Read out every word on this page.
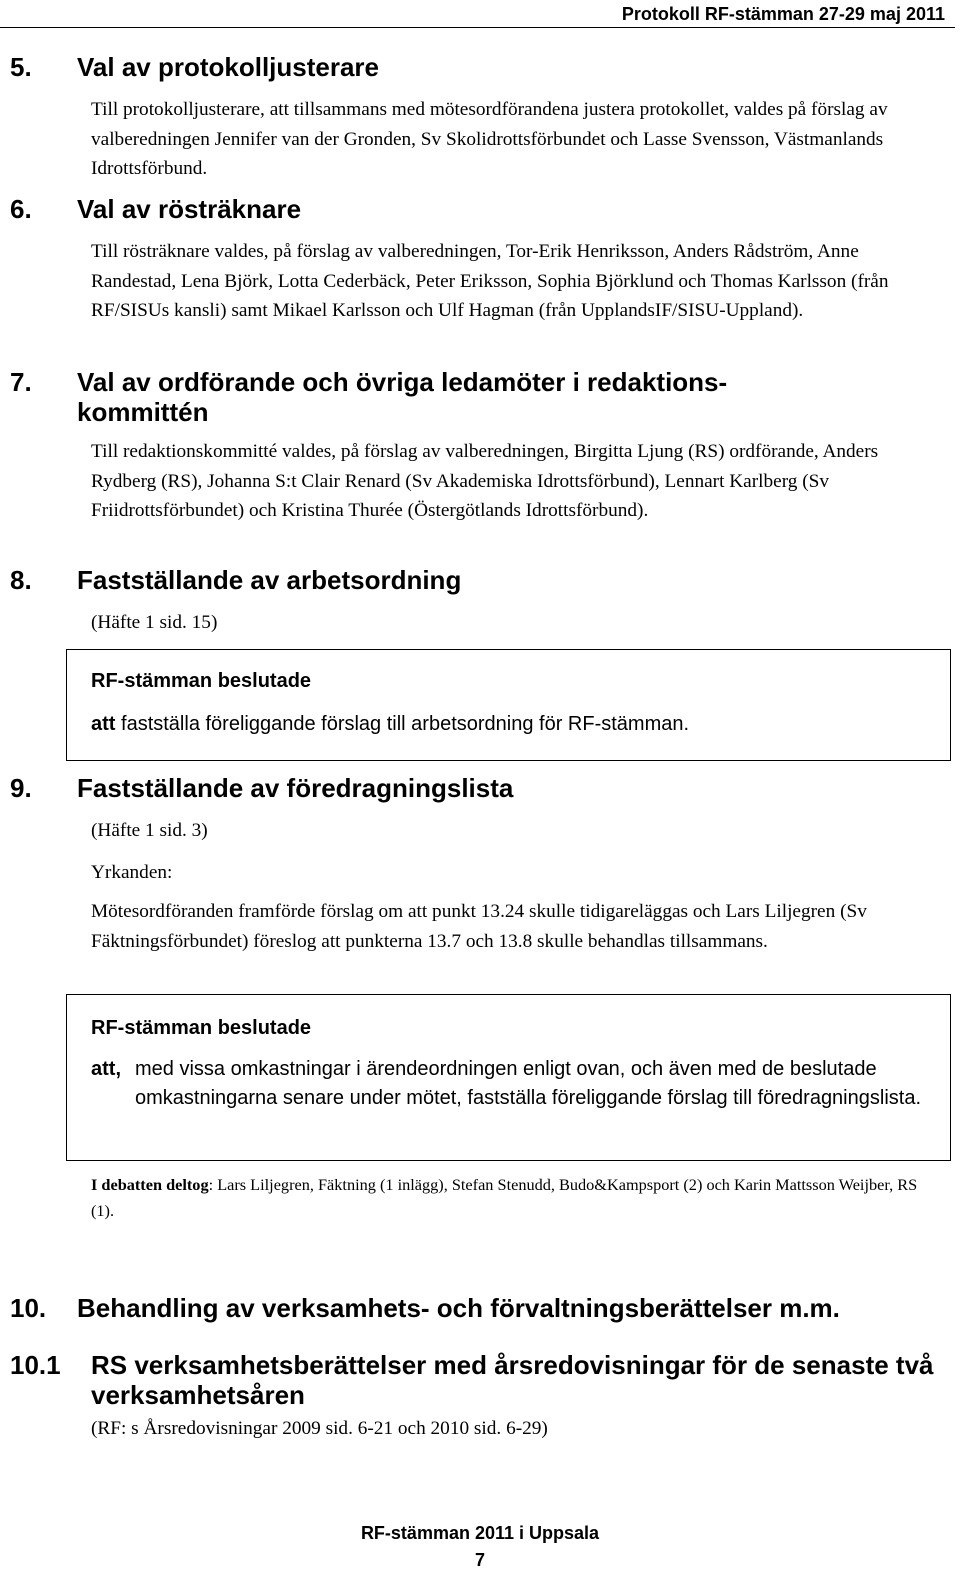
Protokoll RF-stämman 27-29 maj 2011
5. Val av protokolljusterare
Till protokolljusterare, att tillsammans med mötesordförandena justera protokollet, valdes på förslag av valberedningen Jennifer van der Gronden, Sv Skolidrottsförbundet och Lasse Svensson, Västmanlands Idrottsförbund.
6. Val av rösträknare
Till rösträknare valdes, på förslag av valberedningen, Tor-Erik Henriksson, Anders Rådström, Anne Randestad, Lena Björk, Lotta Cederbäck, Peter Eriksson, Sophia Björklund och Thomas Karlsson (från RF/SISUs kansli) samt Mikael Karlsson och Ulf Hagman (från UpplandsIF/SISU-Uppland).
7. Val av ordförande och övriga ledamöter i redaktions-
kommittén
Till redaktionskommitté valdes, på förslag av valberedningen, Birgitta Ljung (RS) ordförande, Anders Rydberg (RS), Johanna S:t Clair Renard (Sv Akademiska Idrottsförbund), Lennart Karlberg (Sv Friidrottsförbundet) och Kristina Thurée (Östergötlands Idrottsförbund).
8. Fastställande av arbetsordning
(Häfte 1 sid. 15)
RF-stämman beslutade
att fastställa föreliggande förslag till arbetsordning för RF-stämman.
9. Fastställande av föredragningslista
(Häfte 1 sid. 3)
Yrkanden:
Mötesordföranden framförde förslag om att punkt 13.24 skulle tidigareläggas och Lars Liljegren (Sv Fäktningsförbundet) föreslog att punkterna 13.7 och 13.8 skulle behandlas tillsammans.
RF-stämman beslutade
att, med vissa omkastningar i ärendeordningen enligt ovan, och även med de beslutade omkastningarna senare under mötet, fastställa föreliggande förslag till föredragningslista.
I debatten deltog: Lars Liljegren, Fäktning (1 inlägg), Stefan Stenudd, Budo&Kampsport (2) och Karin Mattsson Weijber, RS (1).
10. Behandling av verksamhets- och förvaltningsberättelser m.m.
10.1 RS verksamhetsberättelser med årsredovisningar för de senaste två verksamhetsåren
(RF: s Årsredovisningar 2009 sid. 6-21 och 2010 sid. 6-29)
RF-stämman 2011 i Uppsala
7
